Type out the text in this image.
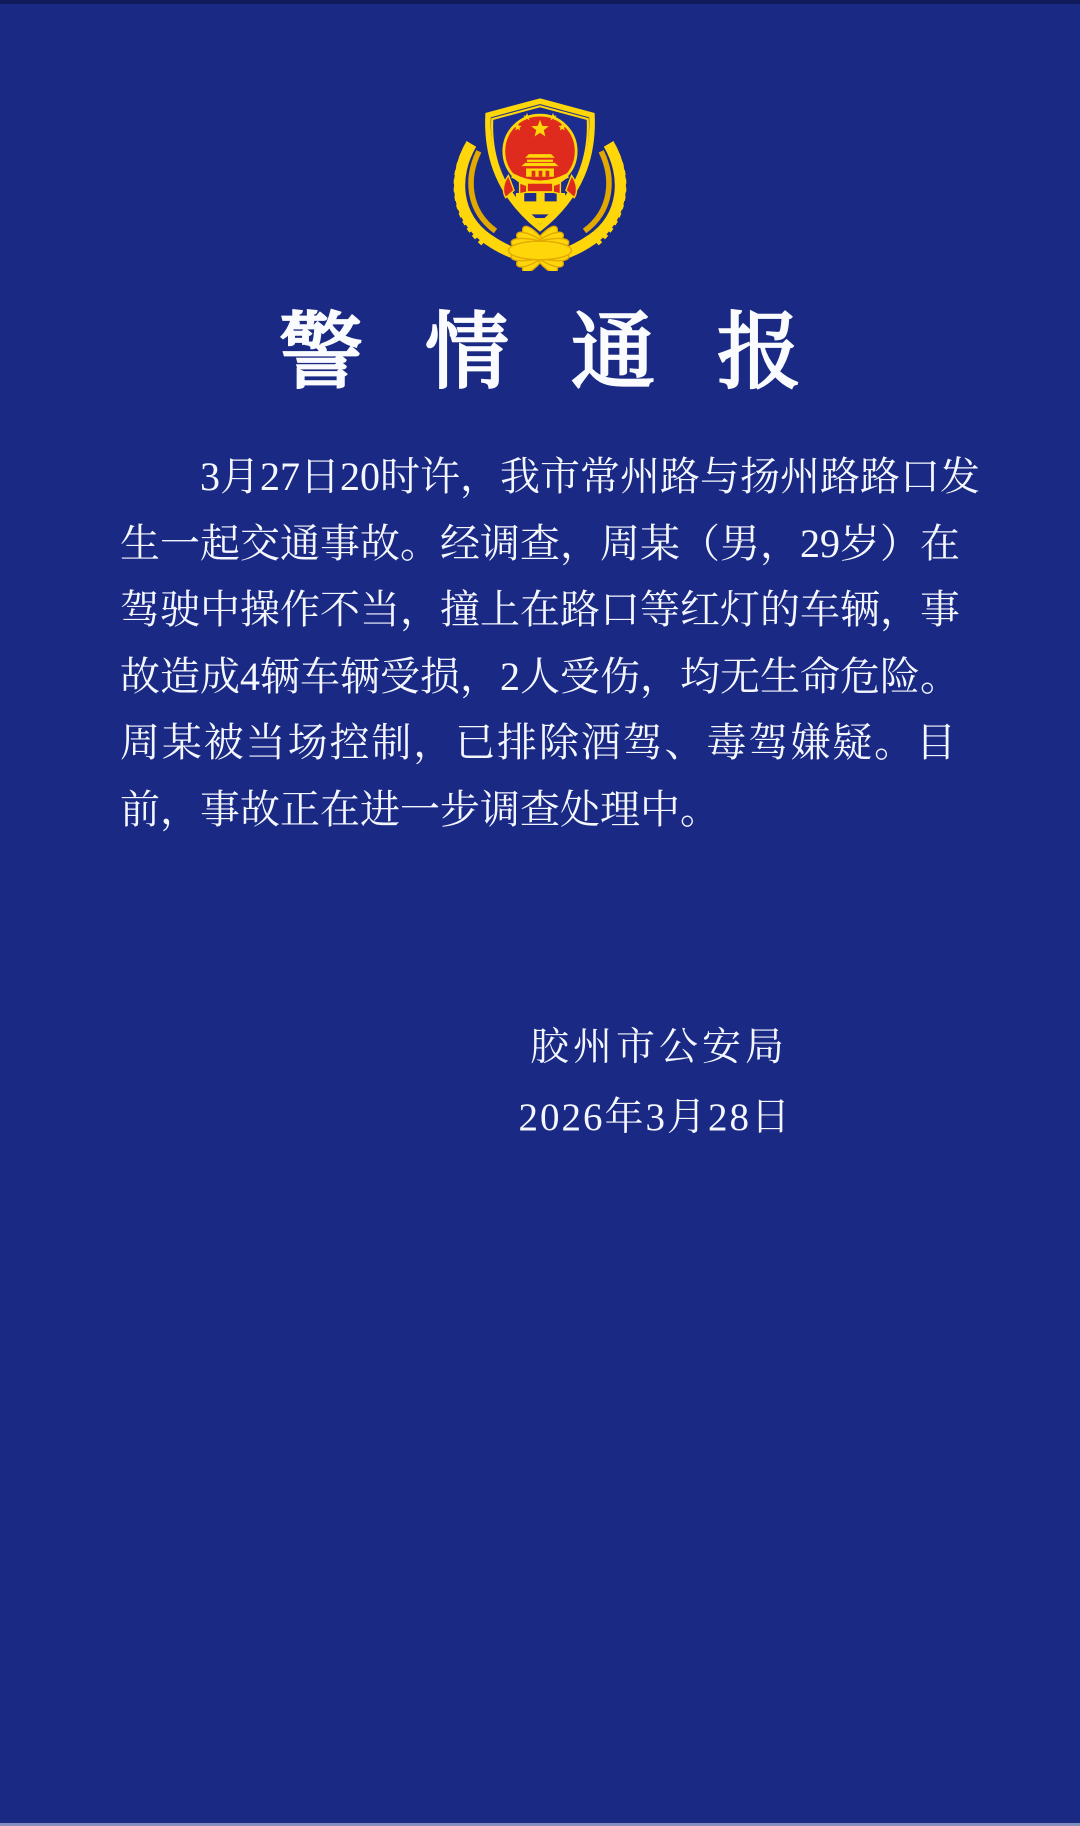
警情通报

　　3月27日20时许，我市常州路与扬州路路口发

生一起交通事故。经调查，周某（男，29岁）在

驾驶中操作不当，撞上在路口等红灯的车辆，事

故造成4辆车辆受损，2人受伤，均无生命危险。

周某被当场控制，已排除酒驾、毒驾嫌疑。目

前，事故正在进一步调查处理中。

胶州市公安局
2026年3月28日
